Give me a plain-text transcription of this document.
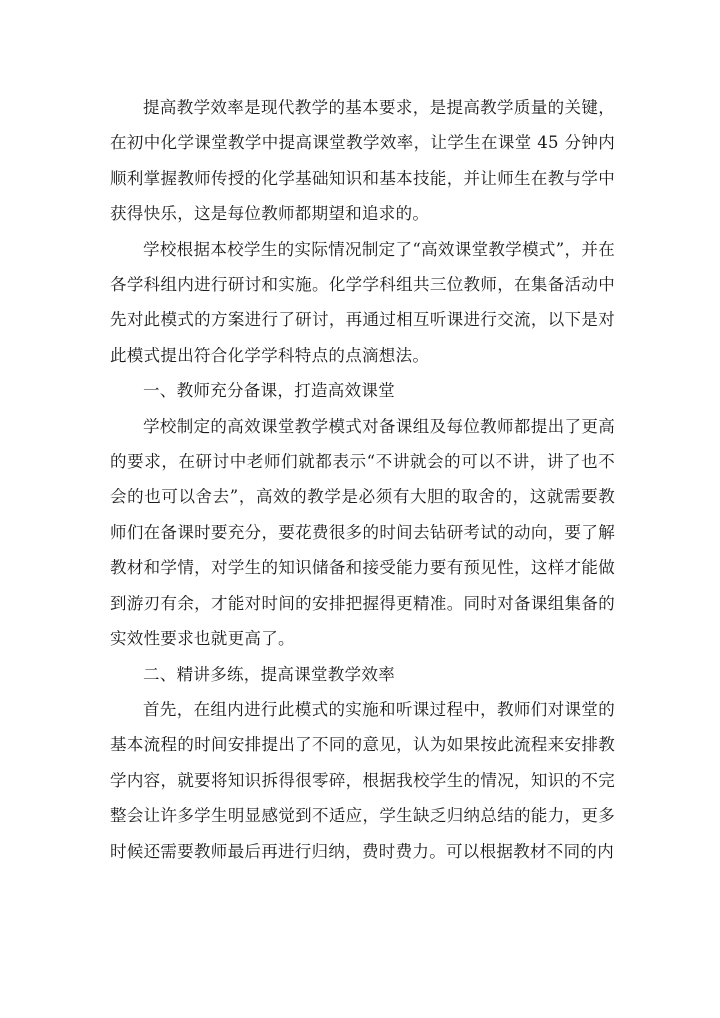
提高教学效率是现代教学的基本要求，是提高教学质量的关键，在初中化学课堂教学中提高课堂教学效率，让学生在课堂 45 分钟内顺利掌握教师传授的化学基础知识和基本技能，并让师生在教与学中获得快乐，这是每位教师都期望和追求的。

学校根据本校学生的实际情况制定了“高效课堂教学模式”，并在各学科组内进行研讨和实施。化学学科组共三位教师，在集备活动中先对此模式的方案进行了研讨，再通过相互听课进行交流，以下是对此模式提出符合化学学科特点的点滴想法。

一、教师充分备课，打造高效课堂

学校制定的高效课堂教学模式对备课组及每位教师都提出了更高的要求，在研讨中老师们就都表示“不讲就会的可以不讲，讲了也不会的也可以舍去”，高效的教学是必须有大胆的取舍的，这就需要教师们在备课时要充分，要花费很多的时间去钻研考试的动向，要了解教材和学情，对学生的知识储备和接受能力要有预见性，这样才能做到游刃有余，才能对时间的安排把握得更精准。同时对备课组集备的实效性要求也就更高了。

二、精讲多练，提高课堂教学效率

首先，在组内进行此模式的实施和听课过程中，教师们对课堂的基本流程的时间安排提出了不同的意见，认为如果按此流程来安排教学内容，就要将知识拆得很零碎，根据我校学生的情况，知识的不完整会让许多学生明显感觉到不适应，学生缺乏归纳总结的能力，更多时候还需要教师最后再进行归纳，费时费力。可以根据教材不同的内
